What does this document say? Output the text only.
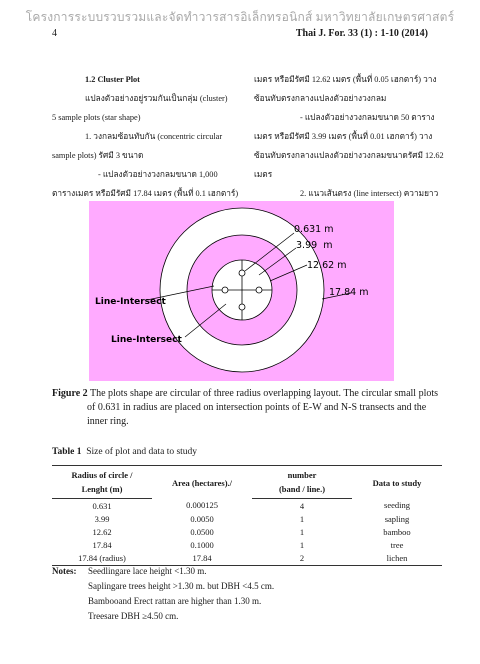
โครงการระบบรวบรวมและจัดทำวารสารอิเล็กทรอนิกส์ มหาวิทยาลัยเกษตรศาสตร์
4	Thai J. For. 33 (1) : 1-10 (2014)

1.2 Cluster Plot

แปลงตัวอย่างอยู่รวมกันเป็นกลุ่ม (cluster)

5 sample plots (star shape)

1. วงกลมซ้อนทับกัน (concentric circular

sample plots) รัศมี 3 ขนาด

- แปลงตัวอย่างวงกลมขนาด 1,000

ตารางเมตร หรือมีรัศมี 17.84 เมตร (พื้นที่ 0.1 เฮกตาร์)

เมตร หรือมีรัศมี 12.62 เมตร (พื้นที่ 0.05 เฮกตาร์) วาง

ซ้อนทับตรงกลางแปลงตัวอย่างวงกลม

- แปลงตัวอย่างวงกลมขนาด 50 ตาราง

เมตร หรือมีรัศมี 3.99 เมตร (พื้นที่ 0.01 เฮกตาร์) วาง

ซ้อนทับตรงกลางแปลงตัวอย่างวงกลมขนาดรัศมี 12.62

เมตร

2. แนวเส้นตรง (line intersect) ความยาว

0.631 m
3.99  m
12.62 m
17.84 m
Line-Intersect
Line-Intersect
Figure 2 The plots shape are circular of three radius overlapping layout. The circular small plots
of 0.631 in radius are placed on intersection points of E-W and N-S transects and the
inner ring.
Table 1 Size of plot and data to study
Radius of circle /	Area (hectares)./	number	Data to study
Lenght (m)		(band / line.)	
0.631	0.000125	4	seeding
3.99	0.0050	1	sapling
12.62	0.0500	1	bamboo
17.84	0.1000	1	tree
17.84 (radius)	17.84	2	lichen
Notes: Seedlingare lace height <1.30 m.
Saplingare trees height >1.30 m. but DBH <4.5 cm.
Bambooand Erect rattan are higher than 1.30 m.
Treesare DBH ≥4.50 cm.
